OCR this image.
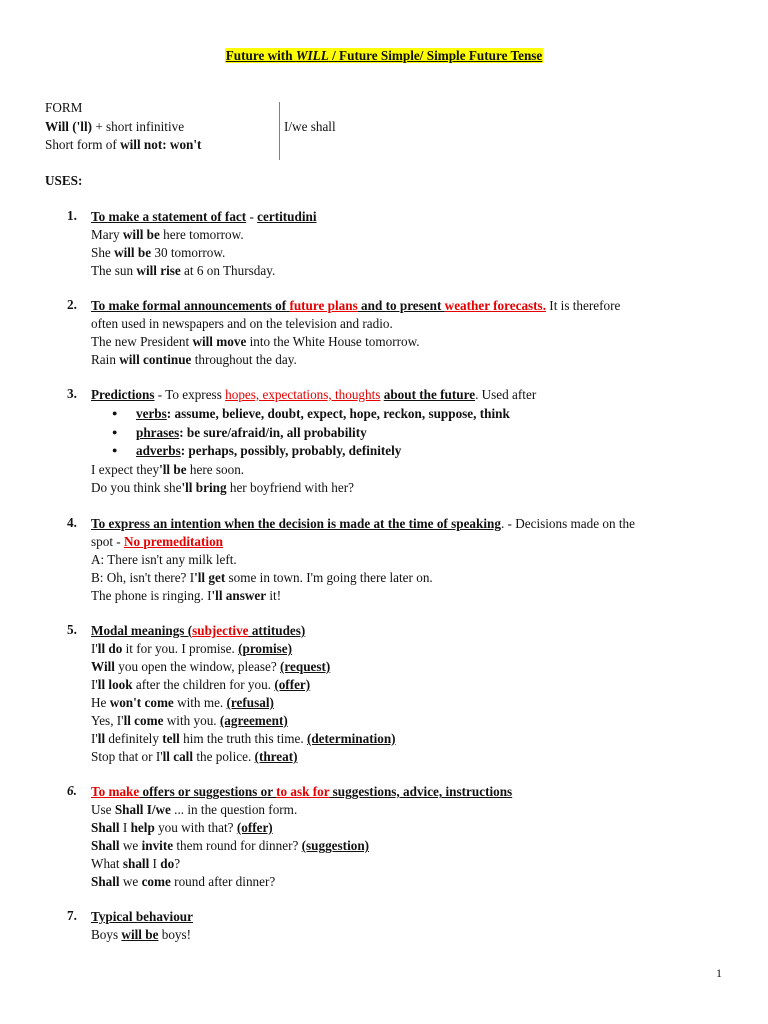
Future with WILL / Future Simple/ Simple Future Tense
FORM
Will ('ll) + short infinitive
Short form of will not: won't
I/we shall
USES:
1. To make a statement of fact - certitudini
Mary will be here tomorrow.
She will be 30 tomorrow.
The sun will rise at 6 on Thursday.
2. To make formal announcements of future plans and to present weather forecasts. It is therefore
often used in newspapers and on the television and radio.
The new President will move into the White House tomorrow.
Rain will continue throughout the day.
3. Predictions - To express hopes, expectations, thoughts about the future. Used after
● verbs: assume, believe, doubt, expect, hope, reckon, suppose, think
● phrases: be sure/afraid/in, all probability
● adverbs: perhaps, possibly, probably, definitely
I expect they'll be here soon.
Do you think she'll bring her boyfriend with her?
4. To express an intention when the decision is made at the time of speaking. - Decisions made on the
spot - No premeditation
A: There isn't any milk left.
B: Oh, isn't there? I'll get some in town. I'm going there later on.
The phone is ringing. I'll answer it!
5. Modal meanings (subjective attitudes)
I'll do it for you. I promise. (promise)
Will you open the window, please? (request)
I'll look after the children for you. (offer)
He won't come with me. (refusal)
Yes, I'll come with you. (agreement)
I'll definitely tell him the truth this time. (determination)
Stop that or I'll call the police. (threat)
6. To make offers or suggestions or to ask for suggestions, advice, instructions
Use Shall I/we ... in the question form.
Shall I help you with that? (offer)
Shall we invite them round for dinner? (suggestion)
What shall I do?
Shall we come round after dinner?
7. Typical behaviour
Boys will be boys!
1
